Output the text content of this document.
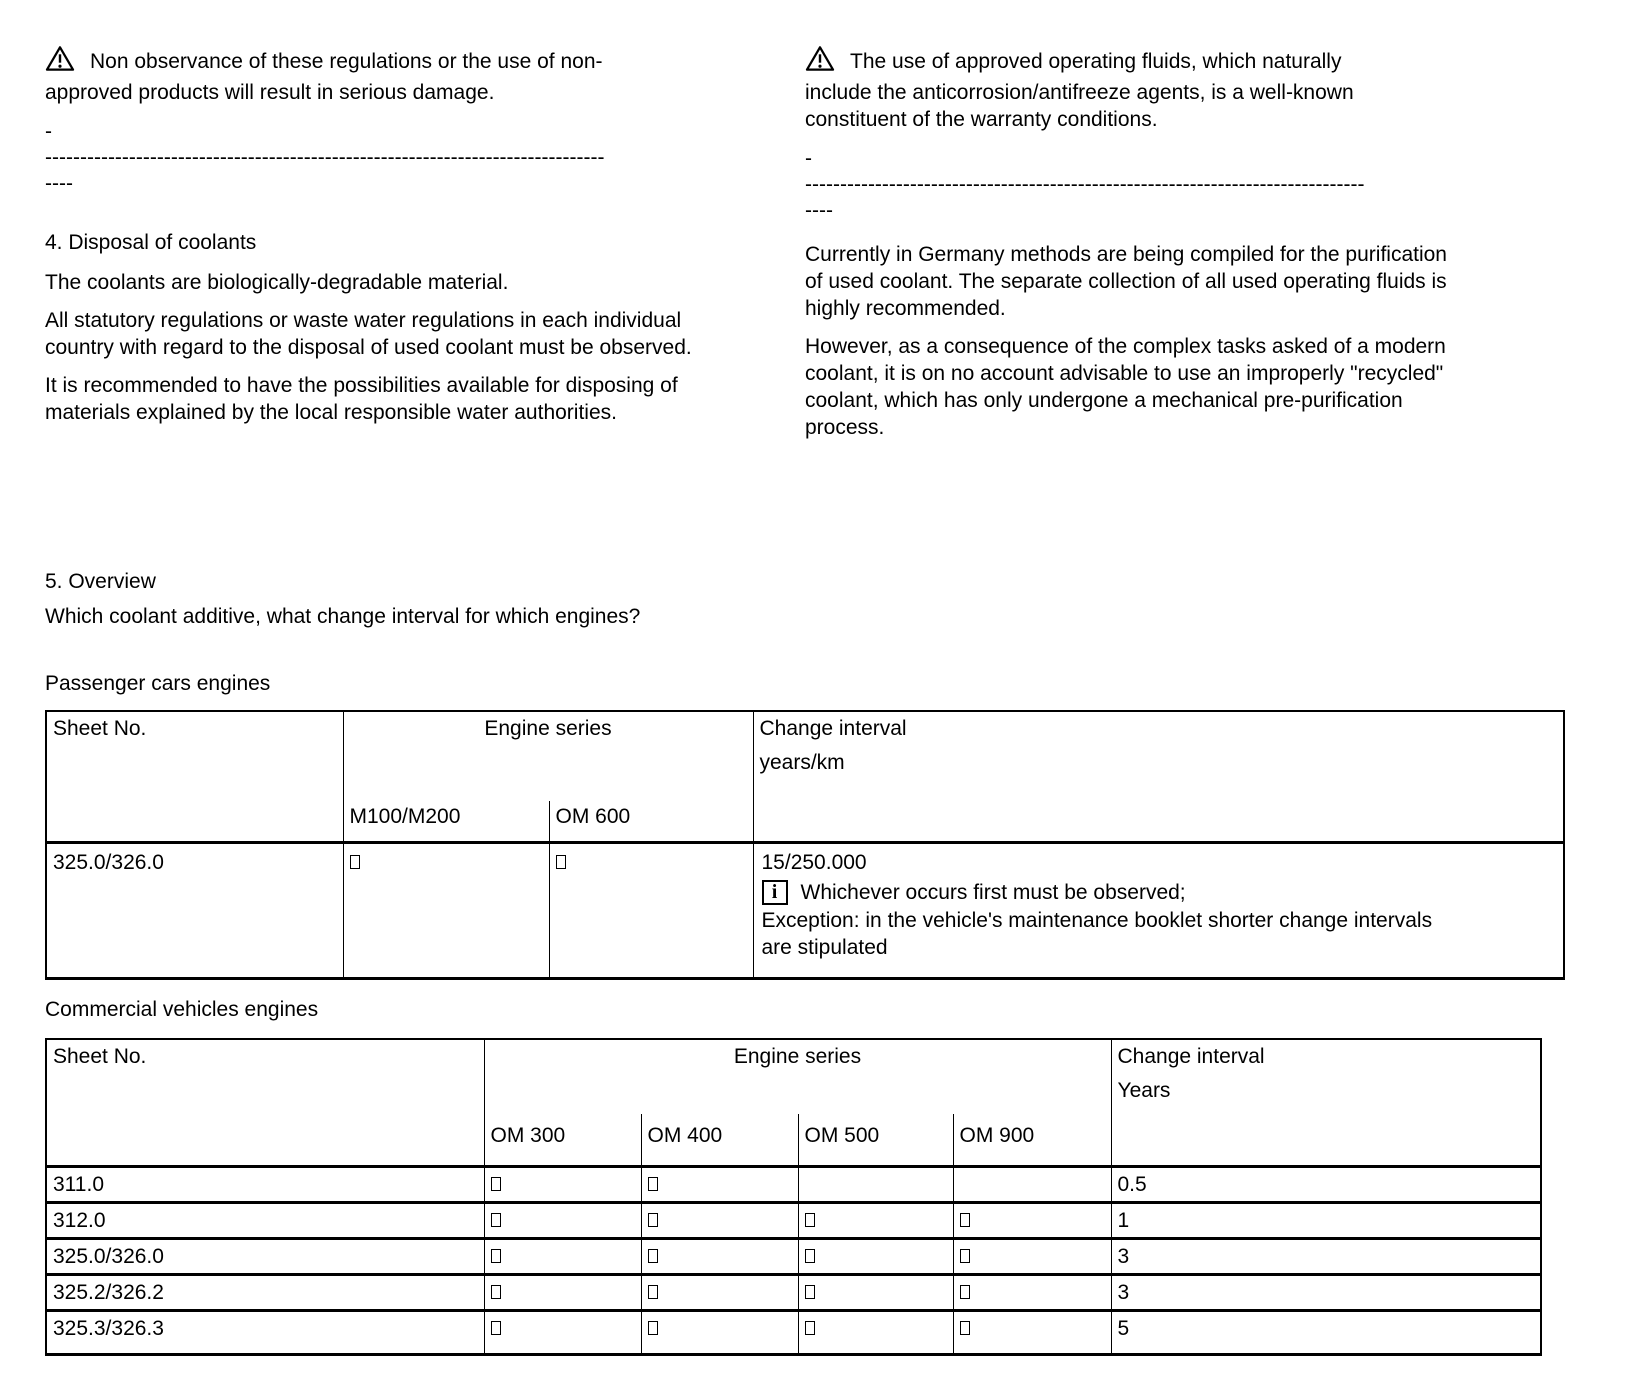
Non observance of these regulations or the use of non-approved products will result in serious damage.
-
--------------------------------------------------------------------------------
----
4. Disposal of coolants

The coolants are biologically-degradable material.

All statutory regulations or waste water regulations in each individual country with regard to the disposal of used coolant must be observed.

It is recommended to have the possibilities available for disposing of materials explained by the local responsible water authorities.

The use of approved operating fluids, which naturally include the anticorrosion/antifreeze agents, is a well-known constituent of the warranty conditions.
-
--------------------------------------------------------------------------------
----

Currently in Germany methods are being compiled for the purification of used coolant. The separate collection of all used operating fluids is highly recommended.

However, as a consequence of the complex tasks asked of a modern coolant, it is on no account advisable to use an improperly "recycled" coolant, which has only undergone a mechanical pre-purification process.

5. Overview

Which coolant additive, what change interval for which engines?

Passenger cars engines
Sheet No.	Engine series		Change interval
years/km

	M100/M200	OM 600	
325.0/326.0			15/250.000
i Whichever occurs first must be observed;
Exception: in the vehicle's maintenance booklet shorter change intervals are stipulated
Commercial vehicles engines
Sheet No.	Engine series				Change interval
Years

	OM 300	OM 400	OM 500	OM 900	
311.0					0.5
312.0					1
325.0/326.0					3
325.2/326.2					3
325.3/326.3					5
